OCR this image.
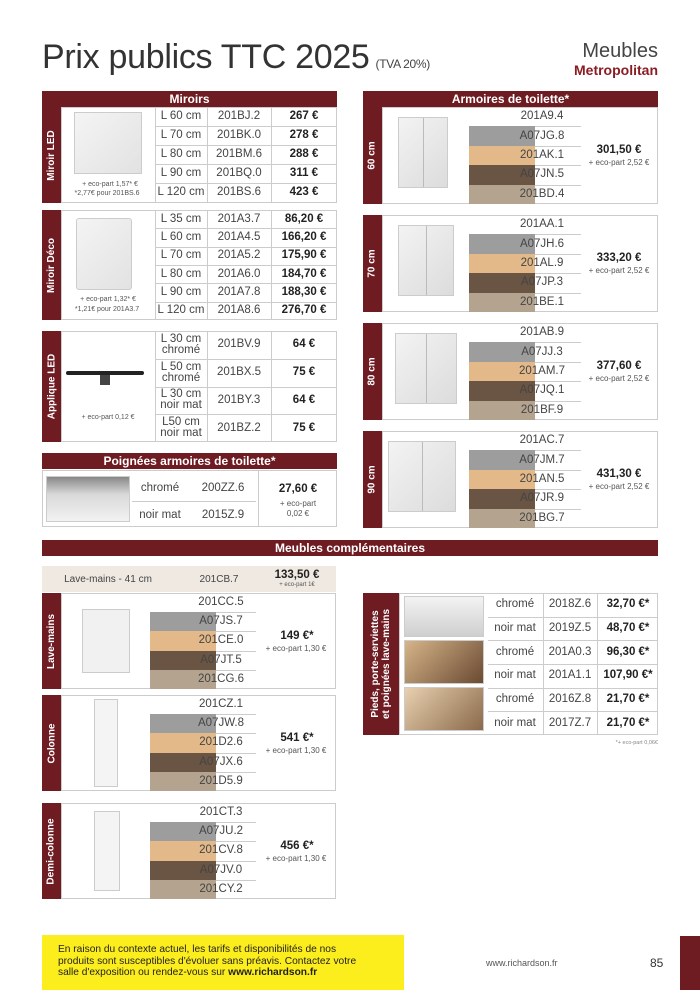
Prix publics TTC 2025 (TVA 20%)
Meubles
Metropolitan
Miroirs
Miroir LED
+ eco-part 1,57* €
*2,77€ pour 201BS.6
L 60 cm	201BJ.2	267 €
L 70 cm	201BK.0	278 €
L 80 cm	201BM.6	288 €
L 90 cm	201BQ.0	311 €
L 120 cm	201BS.6	423 €
Miroir Déco
+ eco-part 1,32* €
*1,21€ pour 201A3.7
L 35 cm	201A3.7	86,20 €
L 60 cm	201A4.5	166,20 €
L 70 cm	201A5.2	175,90 €
L 80 cm	201A6.0	184,70 €
L 90 cm	201A7.8	188,30 €
L 120 cm	201A8.6	276,70 €
Applique LED	+ eco-part 0,12 €
L 30 cm
chromé	201BV.9	64 €
L 50 cm
chromé	201BX.5	75 €
L 30 cm
noir mat	201BY.3	64 €
L50 cm
noir mat	201BZ.2	75 €
Poignées armoires de toilette*
chromé	200ZZ.6
noir mat	2015Z.9
27,60 €
+ eco-part
0,02 €
Armoires de toilette*
60 cm
201A9.4
A07JG.8
201AK.1
A07JN.5
201BD.4
301,50 €
+ eco-part 2,52 €
70 cm
201AA.1
A07JH.6
201AL.9
A07JP.3
201BE.1
333,20 €
+ eco-part 2,52 €
80 cm
201AB.9
A07JJ.3
201AM.7
A07JQ.1
201BF.9
377,60 €
+ eco-part 2,52 €
90 cm
201AC.7
A07JM.7
201AN.5
A07JR.9
201BG.7
431,30 €
+ eco-part 2,52 €
Meubles complémentaires
Lave-mains - 41 cm	201CB.7	133,50 €
+ eco-part 1€
Lave-mains
201CC.5
A07JS.7
201CE.0
A07JT.5
201CG.6
149 €*
+ eco-part 1,30 €
Colonne
201CZ.1
A07JW.8
201D2.6
A07JX.6
201D5.9
541 €*
+ eco-part 1,30 €
Demi-colonne
201CT.3
A07JU.2
201CV.8
A07JV.0
201CY.2
456 €*
+ eco-part 1,30 €
Pieds, porte-serviettes
et poignées lave-mains
chromé	2018Z.6	32,70 €*
noir mat	2019Z.5	48,70 €*
chromé	201A0.3	96,30 €*
noir mat	201A1.1	107,90 €*
chromé	2016Z.8	21,70 €*
noir mat	2017Z.7	21,70 €*
*+ eco-part 0,06€
En raison du contexte actuel, les tarifs et disponibilités de nos
produits sont susceptibles d'évoluer sans préavis. Contactez votre
salle d'exposition ou rendez-vous sur www.richardson.fr
www.richardson.fr	85
